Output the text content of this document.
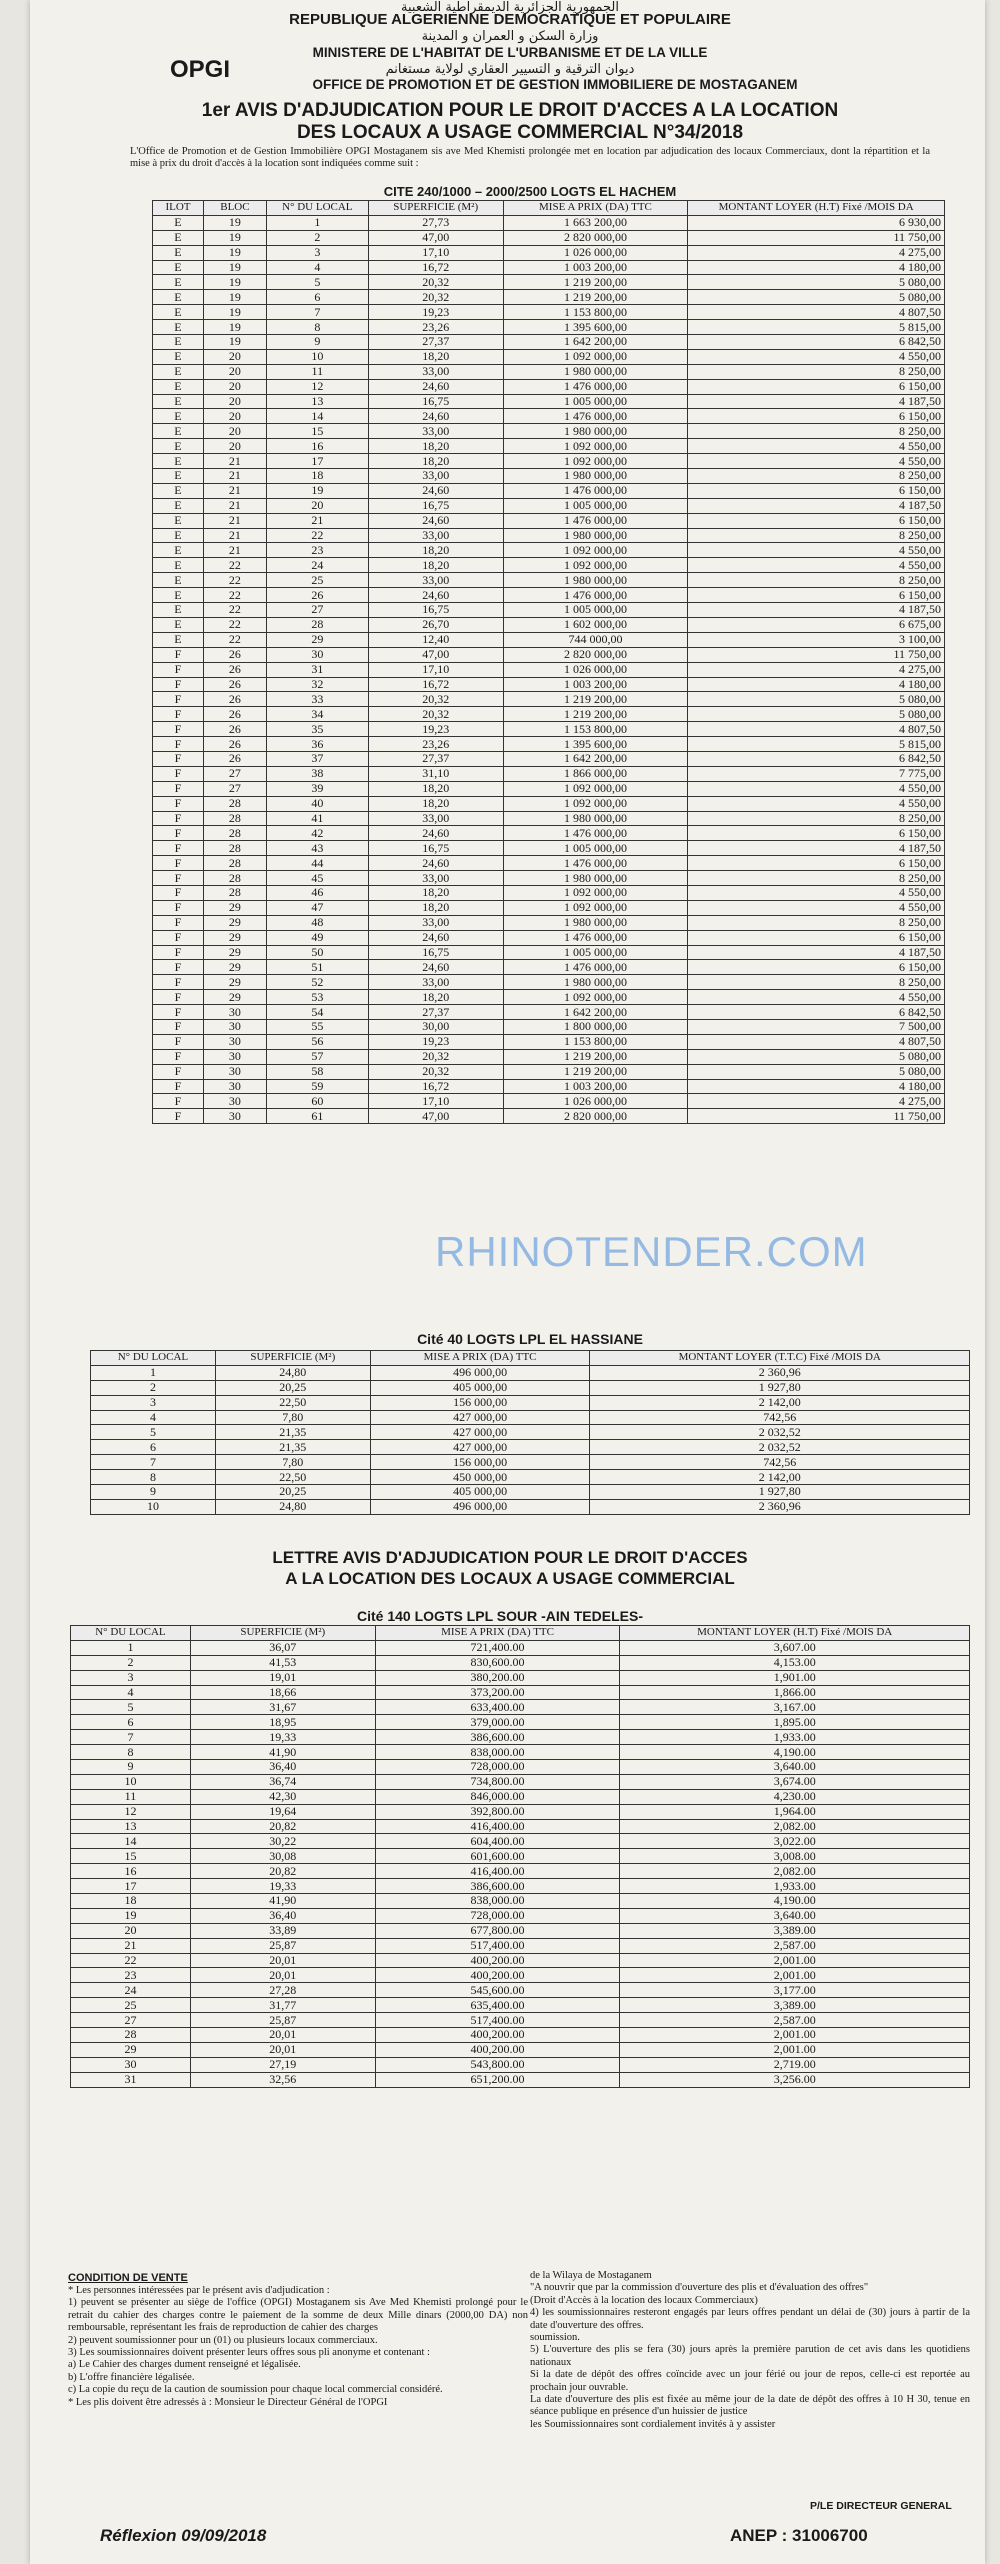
الجمهورية الجزائرية الديمقراطية الشعبية
REPUBLIQUE ALGERIENNE DEMOCRATIQUE ET POPULAIRE
وزارة السكن و العمران و المدينة
MINISTERE DE L'HABITAT DE L'URBANISME ET DE LA VILLE
OPGI	ديوان الترقية و التسيير العقاري لولاية مستغانم
OFFICE DE PROMOTION ET DE GESTION IMMOBILIERE DE MOSTAGANEM
1er AVIS D'ADJUDICATION POUR LE DROIT D'ACCES A LA LOCATION
DES LOCAUX A USAGE COMMERCIAL N°34/2018
L'Office de Promotion et de Gestion Immobilière OPGI Mostaganem sis ave Med Khemisti prolongée met en location par adjudication des locaux Commerciaux, dont la répartition et la mise à prix du droit d'accès à la location sont indiquées comme suit :
CITE 240/1000 – 2000/2500 LOGTS EL HACHEM
ILOT	BLOC	N° DU LOCAL	SUPERFICIE (M²)	MISE A PRIX (DA) TTC	MONTANT LOYER (H.T) Fixé /MOIS DA
E	19	1	27,73	1 663 200,00	6 930,00
E	19	2	47,00	2 820 000,00	11 750,00
E	19	3	17,10	1 026 000,00	4 275,00
E	19	4	16,72	1 003 200,00	4 180,00
E	19	5	20,32	1 219 200,00	5 080,00
E	19	6	20,32	1 219 200,00	5 080,00
E	19	7	19,23	1 153 800,00	4 807,50
E	19	8	23,26	1 395 600,00	5 815,00
E	19	9	27,37	1 642 200,00	6 842,50
E	20	10	18,20	1 092 000,00	4 550,00
E	20	11	33,00	1 980 000,00	8 250,00
E	20	12	24,60	1 476 000,00	6 150,00
E	20	13	16,75	1 005 000,00	4 187,50
E	20	14	24,60	1 476 000,00	6 150,00
E	20	15	33,00	1 980 000,00	8 250,00
E	20	16	18,20	1 092 000,00	4 550,00
E	21	17	18,20	1 092 000,00	4 550,00
E	21	18	33,00	1 980 000,00	8 250,00
E	21	19	24,60	1 476 000,00	6 150,00
E	21	20	16,75	1 005 000,00	4 187,50
E	21	21	24,60	1 476 000,00	6 150,00
E	21	22	33,00	1 980 000,00	8 250,00
E	21	23	18,20	1 092 000,00	4 550,00
E	22	24	18,20	1 092 000,00	4 550,00
E	22	25	33,00	1 980 000,00	8 250,00
E	22	26	24,60	1 476 000,00	6 150,00
E	22	27	16,75	1 005 000,00	4 187,50
E	22	28	26,70	1 602 000,00	6 675,00
E	22	29	12,40	744 000,00	3 100,00
F	26	30	47,00	2 820 000,00	11 750,00
F	26	31	17,10	1 026 000,00	4 275,00
F	26	32	16,72	1 003 200,00	4 180,00
F	26	33	20,32	1 219 200,00	5 080,00
F	26	34	20,32	1 219 200,00	5 080,00
F	26	35	19,23	1 153 800,00	4 807,50
F	26	36	23,26	1 395 600,00	5 815,00
F	26	37	27,37	1 642 200,00	6 842,50
F	27	38	31,10	1 866 000,00	7 775,00
F	27	39	18,20	1 092 000,00	4 550,00
F	28	40	18,20	1 092 000,00	4 550,00
F	28	41	33,00	1 980 000,00	8 250,00
F	28	42	24,60	1 476 000,00	6 150,00
F	28	43	16,75	1 005 000,00	4 187,50
F	28	44	24,60	1 476 000,00	6 150,00
F	28	45	33,00	1 980 000,00	8 250,00
F	28	46	18,20	1 092 000,00	4 550,00
F	29	47	18,20	1 092 000,00	4 550,00
F	29	48	33,00	1 980 000,00	8 250,00
F	29	49	24,60	1 476 000,00	6 150,00
F	29	50	16,75	1 005 000,00	4 187,50
F	29	51	24,60	1 476 000,00	6 150,00
F	29	52	33,00	1 980 000,00	8 250,00
F	29	53	18,20	1 092 000,00	4 550,00
F	30	54	27,37	1 642 200,00	6 842,50
F	30	55	30,00	1 800 000,00	7 500,00
F	30	56	19,23	1 153 800,00	4 807,50
F	30	57	20,32	1 219 200,00	5 080,00
F	30	58	20,32	1 219 200,00	5 080,00
F	30	59	16,72	1 003 200,00	4 180,00
F	30	60	17,10	1 026 000,00	4 275,00
F	30	61	47,00	2 820 000,00	11 750,00
RHINOTENDER.COM
Cité 40 LOGTS LPL EL HASSIANE
N° DU LOCAL	SUPERFICIE (M²)	MISE A PRIX (DA) TTC	MONTANT LOYER (T.T.C) Fixé /MOIS DA
1	24,80	496 000,00	2 360,96
2	20,25	405 000,00	1 927,80
3	22,50	156 000,00	2 142,00
4	7,80	427 000,00	742,56
5	21,35	427 000,00	2 032,52
6	21,35	427 000,00	2 032,52
7	7,80	156 000,00	742,56
8	22,50	450 000,00	2 142,00
9	20,25	405 000,00	1 927,80
10	24,80	496 000,00	2 360,96
LETTRE AVIS D'ADJUDICATION POUR LE DROIT D'ACCES
A LA LOCATION DES LOCAUX A USAGE COMMERCIAL
Cité 140 LOGTS LPL SOUR -AIN TEDELES-
N° DU LOCAL	SUPERFICIE (M²)	MISE A PRIX (DA) TTC	MONTANT LOYER (H.T) Fixé /MOIS DA
1	36,07	721,400.00	3,607.00
2	41,53	830,600.00	4,153.00
3	19,01	380,200.00	1,901.00
4	18,66	373,200.00	1,866.00
5	31,67	633,400.00	3,167.00
6	18,95	379,000.00	1,895.00
7	19,33	386,600.00	1,933.00
8	41,90	838,000.00	4,190.00
9	36,40	728,000.00	3,640.00
10	36,74	734,800.00	3,674.00
11	42,30	846,000.00	4,230.00
12	19,64	392,800.00	1,964.00
13	20,82	416,400.00	2,082.00
14	30,22	604,400.00	3,022.00
15	30,08	601,600.00	3,008.00
16	20,82	416,400.00	2,082.00
17	19,33	386,600.00	1,933.00
18	41,90	838,000.00	4,190.00
19	36,40	728,000.00	3,640.00
20	33,89	677,800.00	3,389.00
21	25,87	517,400.00	2,587.00
22	20,01	400,200.00	2,001.00
23	20,01	400,200.00	2,001.00
24	27,28	545,600.00	3,177.00
25	31,77	635,400.00	3,389.00
27	25,87	517,400.00	2,587.00
28	20,01	400,200.00	2,001.00
29	20,01	400,200.00	2,001.00
30	27,19	543,800.00	2,719.00
31	32,56	651,200.00	3,256.00
CONDITION DE VENTE
* Les personnes intéressées par le présent avis d'adjudication :
1) peuvent se présenter au siège de l'office (OPGI) Mostaganem sis Ave Med Khemisti prolongé pour le retrait du cahier des charges contre le paiement de la somme de deux Mille dinars (2000,00 DA) non remboursable, représentant les frais de reproduction de cahier des charges
2) peuvent soumissionner pour un (01) ou plusieurs locaux commerciaux.
3) Les soumissionnaires doivent présenter leurs offres sous pli anonyme et contenant :
a) Le Cahier des charges dument renseigné et légalisée.
b) L'offre financière légalisée.
c) La copie du reçu de la caution de soumission pour chaque local commercial considéré.
* Les plis doivent être adressés à : Monsieur le Directeur Général de l'OPGI
de la Wilaya de Mostaganem
"A nouvrir que par la commission d'ouverture des plis et d'évaluation des offres"
(Droit d'Accès à la location des locaux Commerciaux)
4) les soumissionnaires resteront engagés par leurs offres pendant un délai de (30) jours à partir de la date d'ouverture des offres.
soumission.
5) L'ouverture des plis se fera (30) jours après la première parution de cet avis dans les quotidiens nationaux
Si la date de dépôt des offres coïncide avec un jour férié ou jour de repos, celle-ci est reportée au prochain jour ouvrable.
La date d'ouverture des plis est fixée au même jour de la date de dépôt des offres à 10 H 30, tenue en séance publique en présence d'un huissier de justice
les Soumissionnaires sont cordialement invités à y assister
P/LE DIRECTEUR GENERAL
Réflexion 09/09/2018	ANEP : 31006700
